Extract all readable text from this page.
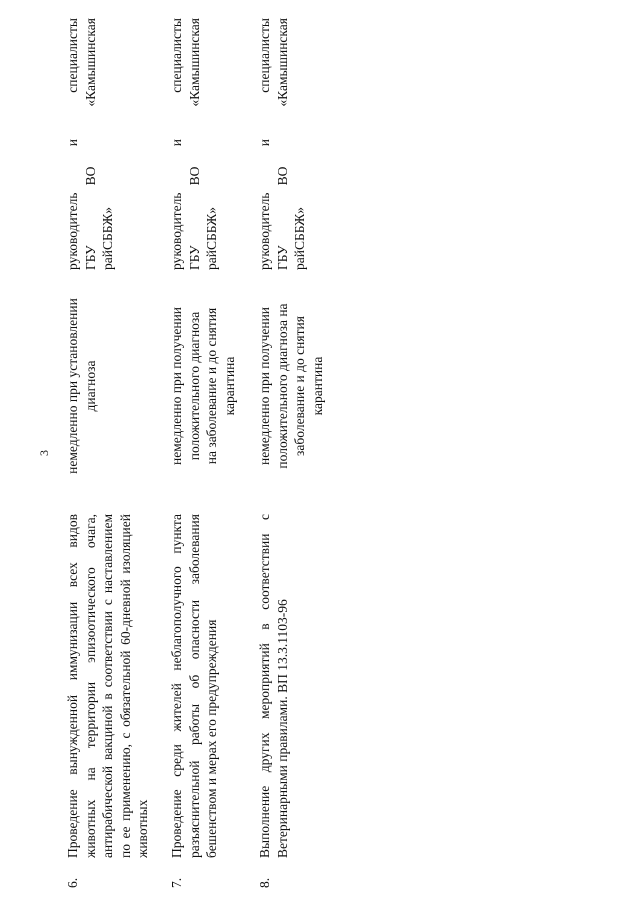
3
6.
Проведение вынужденной иммунизации всех видов животных на территории эпизоотического очага, антирабической вакциной в соответствии с наставлением по ее применению, с обязательной 60-дневной изоляцией животных
немедленно при установлении диагноза
руководитель
и
специалисты
ГБУ
ВО
«Камышинская
райСББЖ»
7.
Проведение среди жителей неблагополучного пункта разъяснительной работы об опасности заболевания бешенством и мерах его предупреждения
немедленно при получении положительного диагноза на заболевание и до снятия карантина
руководитель
и
специалисты
ГБУ
ВО
«Камышинская
райСББЖ»
8.
Выполнение других мероприятий в соответствии с Ветеринарными правилами. ВП 13.3.1103-96
немедленно при получении положительного диагноза на заболевание и до снятия карантина
руководитель
и
специалисты
ГБУ
ВО
«Камышинская
райСББЖ»
